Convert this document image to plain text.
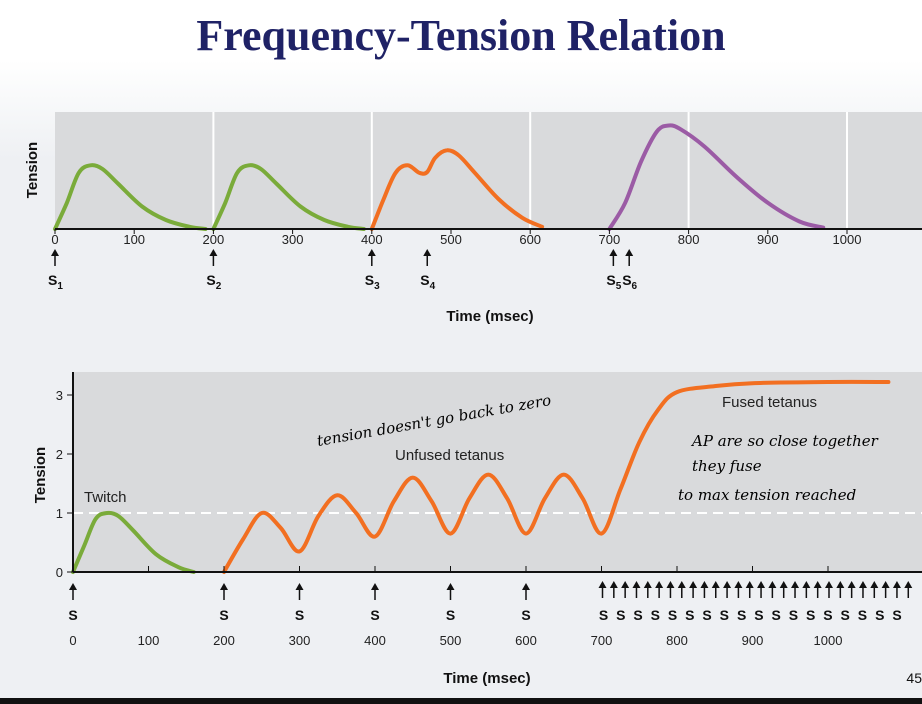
Frequency-Tension Relation
0	100	200	300	400	500	600	700	800	900	1000
$S_1$	$S_2$	$S_3$	$S_4$	$S_5$ $S_6$
Tension
Time (msec)
0
1
2
3
0	100	200	300	400	500	600	700	800	900	1000
S	S	S	S	S	S	S S S S S S S S S S S S S S S S S S
Tension
Time (msec)
Twitch
Unfused tetanus
Fused tetanus
tension doesn't go back to zero	AP are so close together
they fuse
to max tension reached
45
